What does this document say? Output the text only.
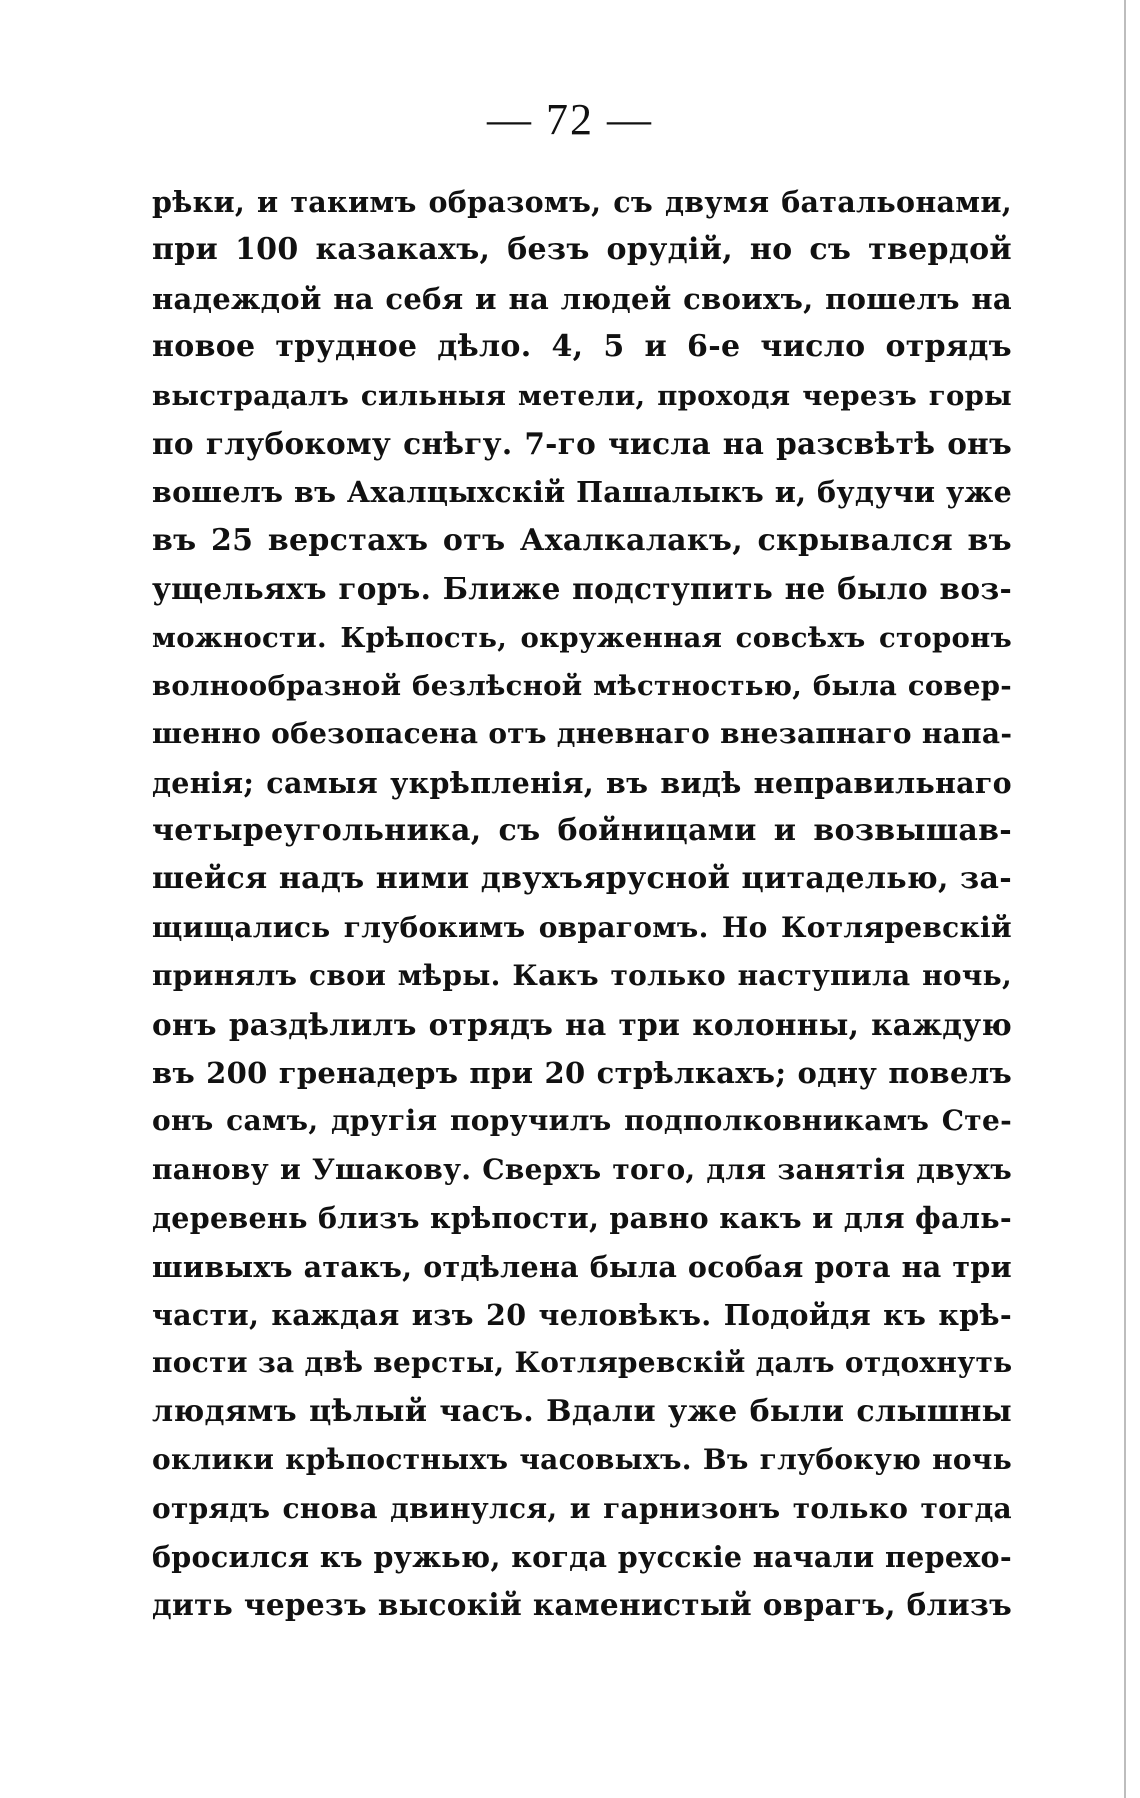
— 72 —
рѣки, и такимъ образомъ, съ двумя батальонами,
при 100 казакахъ, безъ орудій, но съ твердой
надеждой на себя и на людей своихъ, пошелъ на
новое трудное дѣло. 4, 5 и 6-е число отрядъ
выстрадалъ сильныя метели, проходя черезъ горы
по глубокому снѣгу. 7-го числа на разсвѣтѣ онъ
вошелъ въ Ахалцыхскій Пашалыкъ и, будучи уже
въ 25 верстахъ отъ Ахалкалакъ, скрывался въ
ущельяхъ горъ. Ближе подступить не было воз-
можности. Крѣпость, окруженная совсѣхъ сторонъ
волнообразной безлѣсной мѣстностью, была совер-
шенно обезопасена отъ дневнаго внезапнаго напа-
денія; самыя укрѣпленія, въ видѣ неправильнаго
четыреугольника, съ бойницами и возвышав-
шейся надъ ними двухъярусной цитаделью, за-
щищались глубокимъ оврагомъ. Но Котляревскій
принялъ свои мѣры. Какъ только наступила ночь,
онъ раздѣлилъ отрядъ на три колонны, каждую
въ 200 гренадеръ при 20 стрѣлкахъ; одну повелъ
онъ самъ, другія поручилъ подполковникамъ Сте-
панову и Ушакову. Сверхъ того, для занятія двухъ
деревень близъ крѣпости, равно какъ и для фаль-
шивыхъ атакъ, отдѣлена была особая рота на три
части, каждая изъ 20 человѣкъ. Подойдя къ крѣ-
пости за двѣ версты, Котляревскій далъ отдохнуть
людямъ цѣлый часъ. Вдали уже были слышны
оклики крѣпостныхъ часовыхъ. Въ глубокую ночь
отрядъ снова двинулся, и гарнизонъ только тогда
бросился къ ружью, когда русскіе начали перехо-
дить черезъ высокій каменистый оврагъ, близъ
